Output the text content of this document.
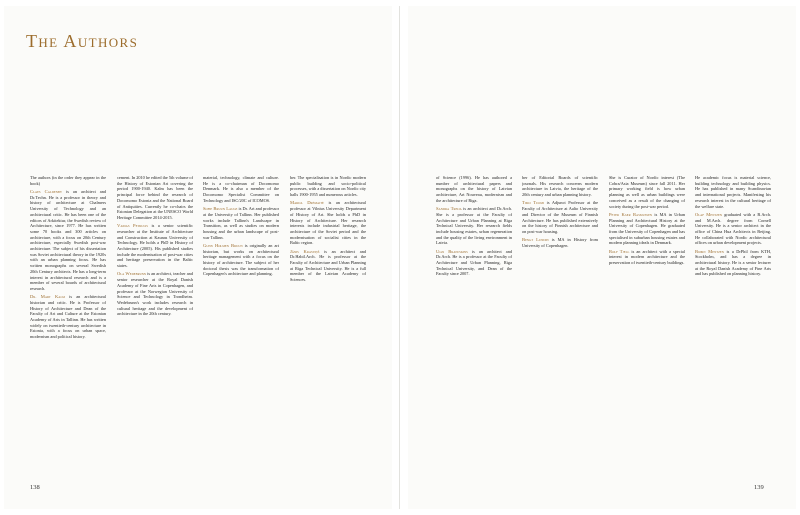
The Authors

The authors (in the order they appear in the book)

Claes Caldenby is an architect and Dr.Techn. He is a professor in theory and history of architecture at Chalmers University of Technology and an architectural critic. He has been one of the editors of Arkitektur, the Swedish review of Architecture, since 1977. He has written some 70 books and 300 articles on architecture, with a focus on 20th Century architecture, especially Swedish post-war architecture. The subject of his dissertation was Soviet architectural theory in the 1920s with an urban planning focus. He has written monographs on several Swedish 20th Century architects. He has a long-term interest in architectural research and is a member of several boards of architectural research.

Dr. Mart Kalm is an architectural historian and critic. He is Professor of History of Architecture and Dean of the Faculty of Art and Culture at the Estonian Academy of Arts in Tallinn. He has written widely on twentieth-century architecture in Estonia, with a focus on urban space, modernism and political history.

cement. In 2010 he edited the 5th volume of the History of Estonian Art covering the period 1900-1940. Kalm has been the principal force behind the research of Docomomo Estonia and the National Board of Antiquities. Currently he co-chairs the Estonian Delegation at the UNESCO World Heritage Committee 2014-2015.

Vaidas Petrulis is a senior scientific researcher at the Institute of Architecture and Construction at Kaunas University of Technology. He holds a PhD in History of Architecture (2005). His published studies include the modernisation of post-war cities and heritage preservation in the Baltic states.

Ola Wedebrunn is an architect, teacher and senior researcher at the Royal Danish Academy of Fine Arts in Copenhagen, and professor at the Norwegian University of Science and Technology in Trondheim. Wedebrunn's work includes research in cultural heritage and the development of architecture in the 20th century.

material, technology, climate and culture. He is a co-chairman of Docomomo Denmark. He is also a member of the Docomomo Specialist Committee on Technology and ISC/20C of ICOMOS.

Sofie Bruun Lauge is Dr. Art and professor at the University of Tallinn. Her published works include Tallinn's Landscape in Transition, as well as studies on modern housing and the urban landscape of post-war Tallinn.

Gunn Holmen Bruun is originally an art historian, but works on architectural heritage management with a focus on the history of architecture. The subject of her doctoral thesis was the transformation of Copenhagen's architecture and planning.

ber. The specialisation is in Nordic modern public building and socio-political processes, with a dissertation on Nordic city halls 1900-1955 and numerous articles.

Marija Drėmaitė is an architectural professor at Vilnius University Department of History of Art. She holds a PhD in History of Architecture. Her research interests include industrial heritage, the architecture of the Soviet period and the modernisation of socialist cities in the Baltic region.

Jānis Krastiņš is an architect and Dr.Habil.Arch. He is professor at the Faculty of Architecture and Urban Planning at Riga Technical University. He is a full member of the Latvian Academy of Sciences.

of Science (1996). He has authored a number of architectural papers and monographs on the history of Latvian architecture, Art Nouveau, modernism and the architecture of Riga.

Sandra Treija is an architect and Dr.Arch. She is a professor at the Faculty of Architecture and Urban Planning at Riga Technical University. Her research fields include housing estates, urban regeneration and the quality of the living environment in Latvia.

Ugis Bratuskins is an architect and Dr.Arch. He is a professor at the Faculty of Architecture and Urban Planning, Riga Technical University, and Dean of the Faculty since 2007.

ber of Editorial Boards of scientific journals. His research concerns modern architecture in Latvia, the heritage of the 20th century and urban planning history.

Timo Tuomi is Adjunct Professor at the Faculty of Architecture at Aalto University and Director of the Museum of Finnish Architecture. He has published extensively on the history of Finnish architecture and on post-war housing.

Bengt Lundin is MA in History from University of Copenhagen.

She is Curator of Nordic interest (The Cobra/Asia Museum) since fall 2011. Her primary working field is how urban planning as well as urban buildings were conceived as a result of the changing of society during the post-war period.

Peter Kjær Rasmussen is MA in Urban Planning and Architectural History at the University of Copenhagen. He graduated from the University of Copenhagen and has specialised in suburban housing estates and modern planning ideals in Denmark.

Rolf Tjell is an architect with a special interest in modern architecture and the preservation of twentieth-century buildings.

He academic focus is material science, building technology and building physics. He has published in many Scandinavian and international projects. Manifesting his research interest in the cultural heritage of the welfare state.

Olaf Mentzen graduated with a B.Arch. and M.Arch. degree from Cornell University. He is a senior architect in the office of China Hua Architects in Beijing. He collaborated with Nordic architectural offices on urban development projects.

Bjørn Mentzen is a DrPhil from KTH, Stockholm, and has a degree in architectural history. He is a senior lecturer at the Royal Danish Academy of Fine Arts and has published on planning history.

138	139
